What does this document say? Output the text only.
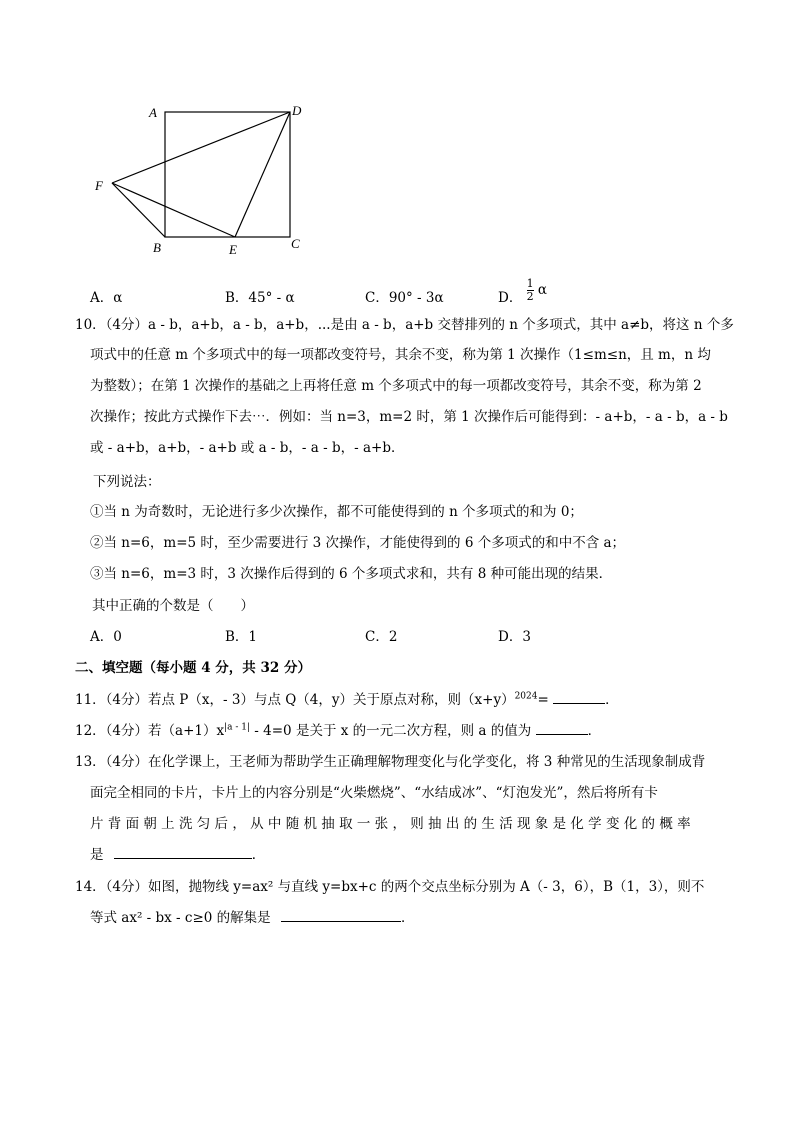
A	D
F
B	E	C
A．α	B．45° - α	C．90° - 3α	D． $\frac{1}{2}$ α
10．（4分）a - b，a+b，a - b，a+b，...是由 a - b，a+b 交替排列的 n 个多项式，其中 a≠b，将这 n 个多
项式中的任意 m 个多项式中的每一项都改变符号，其余不变，称为第 1 次操作（1≤m≤n，且 m，n 均
为整数）；在第 1 次操作的基础之上再将任意 m 个多项式中的每一项都改变符号，其余不变，称为第 2
次操作；按此方式操作下去⋯．例如：当 n=3，m=2 时，第 1 次操作后可能得到：- a+b，- a - b，a - b
或 - a+b，a+b，- a+b 或 a - b，- a - b，- a+b．
下列说法：
①当 n 为奇数时，无论进行多少次操作，都不可能使得到的 n 个多项式的和为 0；
②当 n=6，m=5 时，至少需要进行 3 次操作，才能使得到的 6 个多项式的和中不含 a；
③当 n=6，m=3 时，3 次操作后得到的 6 个多项式求和，共有 8 种可能出现的结果．
其中正确的个数是（　　）
A．0	B．1	C．2	D．3
二、填空题（每小题 4 分，共 32 分）
11．（4分）若点 P（x，- 3）与点 Q（4，y）关于原点对称，则$(x+y)^{2024}=$	．
12．（4分）若$(a+1)x^{|a - 1|} - 4=0$ 是关于 x 的一元二次方程，则 a 的值为	．
13．（4分）在化学课上，王老师为帮助学生正确理解物理变化与化学变化，将 3 种常见的生活现象制成背
面完全相同的卡片，卡片上的内容分别是“火柴燃烧”、“水结成冰”、“灯泡发光”，然后将所有卡
片 背 面 朝 上 洗 匀 后 ， 从 中 随 机 抽 取 一 张 ， 则 抽 出 的 生 活 现 象 是 化 学 变 化 的 概 率
是	．
14．（4分）如图，抛物线 y=ax² 与直线 y=bx+c 的两个交点坐标分别为 A（- 3，6），B（1，3），则不
等式 ax² - bx - c≥0 的解集是	．
